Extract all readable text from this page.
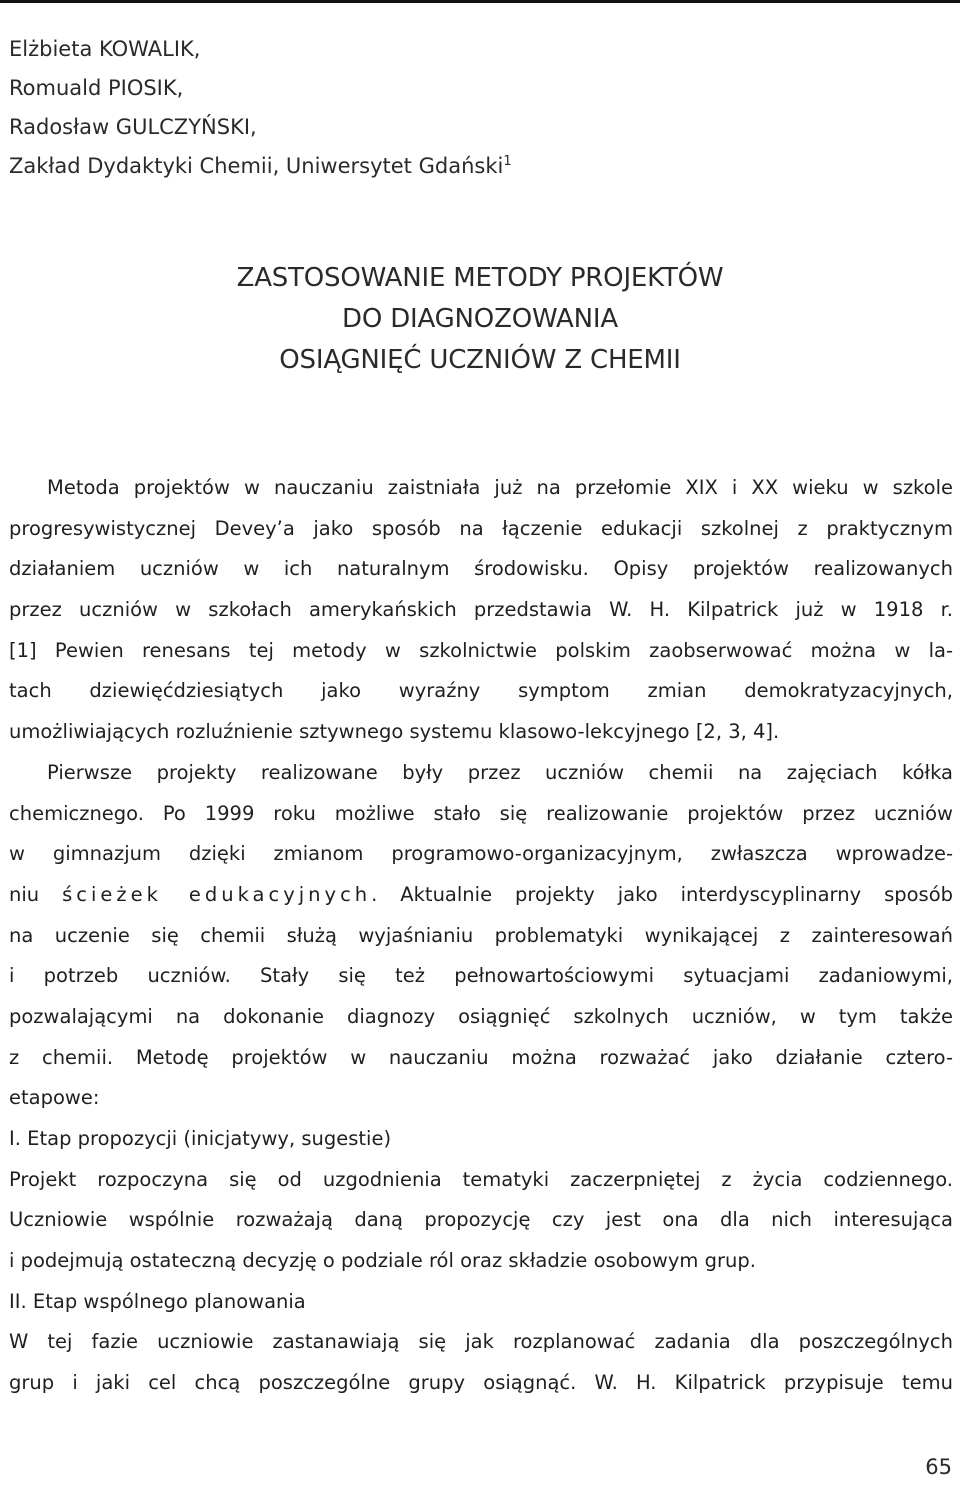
Elżbieta KOWALIK,
Romuald PIOSIK,
Radosław GULCZYŃSKI,
Zakład Dydaktyki Chemii, Uniwersytet Gdański$^1$
ZASTOSOWANIE METODY PROJEKTÓW
DO DIAGNOZOWANIA
OSIĄGNIĘĆ UCZNIÓW Z CHEMII
Metoda projektów w nauczaniu zaistniała już na przełomie XIX i XX wieku w szkole
progresywistycznej Devey’a jako sposób na łączenie edukacji szkolnej z praktycznym
działaniem uczniów w ich naturalnym środowisku. Opisy projektów realizowanych
przez uczniów w szkołach amerykańskich przedstawia W. H. Kilpatrick już w 1918 r.
[1] Pewien renesans tej metody w szkolnictwie polskim zaobserwować można w la-
tach dziewięćdziesiątych jako wyraźny symptom zmian demokratyzacyjnych,
umożliwiających rozluźnienie sztywnego systemu klasowo-lekcyjnego [2, 3, 4].
Pierwsze projekty realizowane były przez uczniów chemii na zajęciach kółka
chemicznego. Po 1999 roku możliwe stało się realizowanie projektów przez uczniów
w gimnazjum dzięki zmianom programowo-organizacyjnym, zwłaszcza wprowadze-
niu ścieżek edukacyjnych. Aktualnie projekty jako interdyscyplinarny sposób
na uczenie się chemii służą wyjaśnianiu problematyki wynikającej z zainteresowań
i potrzeb uczniów. Stały się też pełnowartościowymi sytuacjami zadaniowymi,
pozwalającymi na dokonanie diagnozy osiągnięć szkolnych uczniów, w tym także
z chemii. Metodę projektów w nauczaniu można rozważać jako działanie cztero-
etapowe:
I. Etap propozycji (inicjatywy, sugestie)
Projekt rozpoczyna się od uzgodnienia tematyki zaczerpniętej z życia codziennego.
Uczniowie wspólnie rozważają daną propozycję czy jest ona dla nich interesująca
i podejmują ostateczną decyzję o podziale ról oraz składzie osobowym grup.
II. Etap wspólnego planowania
W tej fazie uczniowie zastanawiają się jak rozplanować zadania dla poszczególnych
grup i jaki cel chcą poszczególne grupy osiągnąć. W. H. Kilpatrick przypisuje temu
65
